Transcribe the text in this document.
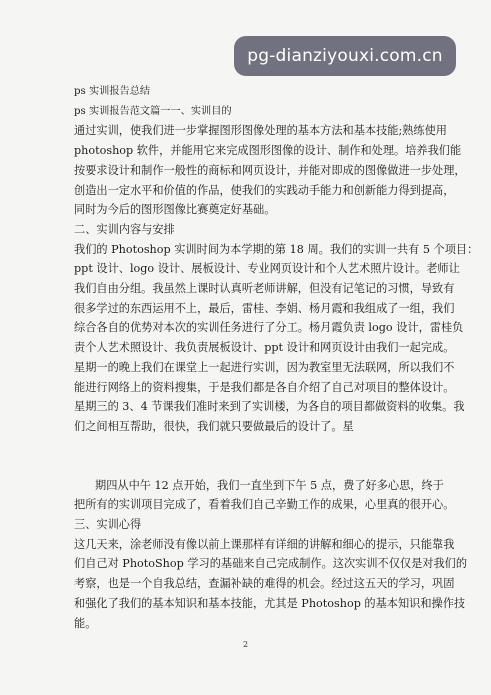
pg-dianziyouxi.com.cn
ps 实训报告总结
ps 实训报告范文篇一一、实训目的
通过实训，使我们进一步掌握图形图像处理的基本方法和基本技能;熟练使用
photoshop 软件，并能用它来完成图形图像的设计、制作和处理。培养我们能
按要求设计和制作一般性的商标和网页设计，并能对即成的图像做进一步处理，
创造出一定水平和价值的作品，使我们的实践动手能力和创新能力得到提高，
同时为今后的图形图像比赛奠定好基础。
二、实训内容与安排
我们的 Photoshop 实训时间为本学期的第 18 周。我们的实训一共有 5 个项目：
ppt 设计、logo 设计、展板设计、专业网页设计和个人艺术照片设计。老师让
我们自由分组。我虽然上课时认真听老师讲解，但没有记笔记的习惯，导致有
很多学过的东西运用不上，最后，雷桂、李娟、杨月霞和我组成了一组，我们
综合各自的优势对本次的实训任务进行了分工。杨月霞负责 logo 设计，雷桂负
责个人艺术照设计、我负责展板设计、ppt 设计和网页设计由我们一起完成。
星期一的晚上我们在课堂上一起进行实训，因为教室里无法联网，所以我们不
能进行网络上的资料搜集，于是我们都是各自介绍了自己对项目的整体设计。
星期三的 3、4 节课我们准时来到了实训楼，为各自的项目都做资料的收集。我
们之间相互帮助，很快，我们就只要做最后的设计了。星
期四从中午 12 点开始，我们一直坐到下午 5 点，费了好多心思，终于
把所有的实训项目完成了，看着我们自己辛勤工作的成果，心里真的很开心。
三、实训心得
这几天来，涂老师没有像以前上课那样有详细的讲解和细心的提示，只能靠我
们自己对 PhotoShop 学习的基础来自己完成制作。这次实训不仅仅是对我们的
考察，也是一个自我总结，查漏补缺的难得的机会。经过这五天的学习，巩固
和强化了我们的基本知识和基本技能，尤其是 Photoshop 的基本知识和操作技
能。
2
